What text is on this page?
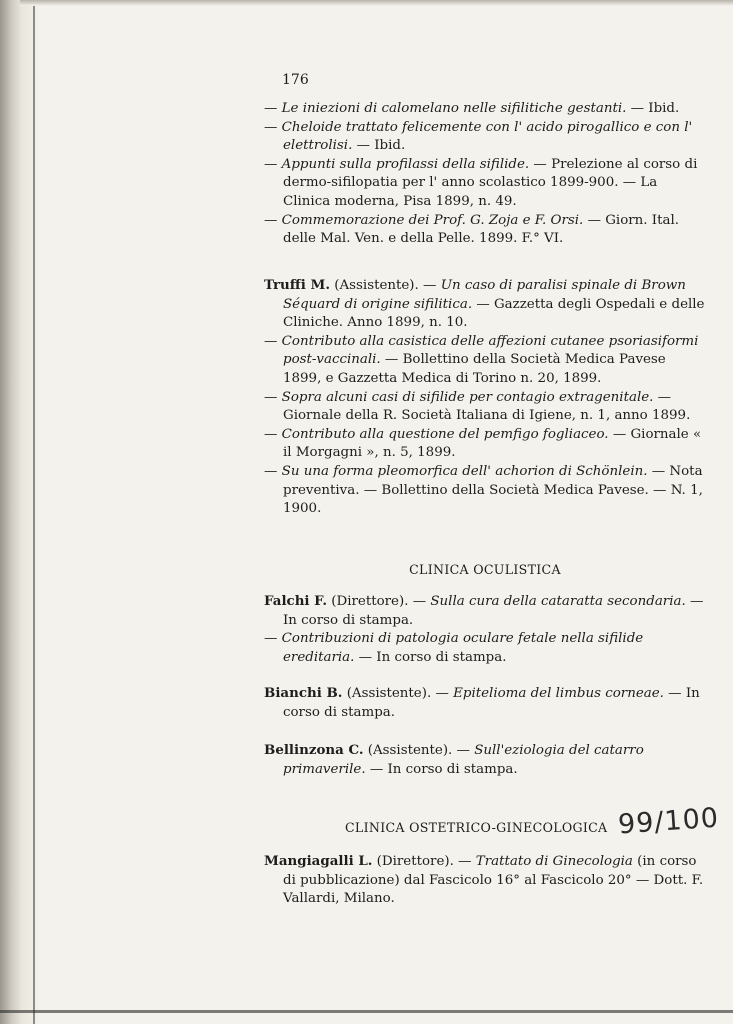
176

— Le iniezioni di calomelano nelle sifilitiche gestanti. — Ibid.

— Cheloide trattato felicemente con l' acido pirogallico e con l' elettrolisi. — Ibid.

— Appunti sulla profilassi della sifilide. — Prelezione al corso di dermo-sifilopatia per l' anno scolastico 1899-900. — La Clinica moderna, Pisa 1899, n. 49.

— Commemorazione dei Prof. G. Zoja e F. Orsi. — Giorn. Ital. delle Mal. Ven. e della Pelle. 1899. F.° VI.

Truffi M. (Assistente). — Un caso di paralisi spinale di Brown Séquard di origine sifilitica. — Gazzetta degli Ospedali e delle Cliniche. Anno 1899, n. 10.

— Contributo alla casistica delle affezioni cutanee psoriasiformi post-vaccinali. — Bollettino della Società Medica Pavese 1899, e Gazzetta Medica di Torino n. 20, 1899.

— Sopra alcuni casi di sifilide per contagio extragenitale. — Giornale della R. Società Italiana di Igiene, n. 1, anno 1899.

— Contributo alla questione del pemfigo fogliaceo. — Giornale « il Morgagni », n. 5, 1899.

— Su una forma pleomorfica dell' achorion di Schönlein. — Nota preventiva. — Bollettino della Società Medica Pavese. — N. 1, 1900.

CLINICA OCULISTICA

Falchi F. (Direttore). — Sulla cura della cataratta secondaria. — In corso di stampa.

— Contribuzioni di patologia oculare fetale nella sifilide ereditaria. — In corso di stampa.

Bianchi B. (Assistente). — Epitelioma del limbus corneae. — In corso di stampa.

Bellinzona C. (Assistente). — Sull'eziologia del catarro primaverile. — In corso di stampa.

CLINICA OSTETRICO-GINECOLOGICA 99/100

Mangiagalli L. (Direttore). — Trattato di Ginecologia (in corso di pubblicazione) dal Fascicolo 16° al Fascicolo 20° — Dott. F. Vallardi, Milano.
